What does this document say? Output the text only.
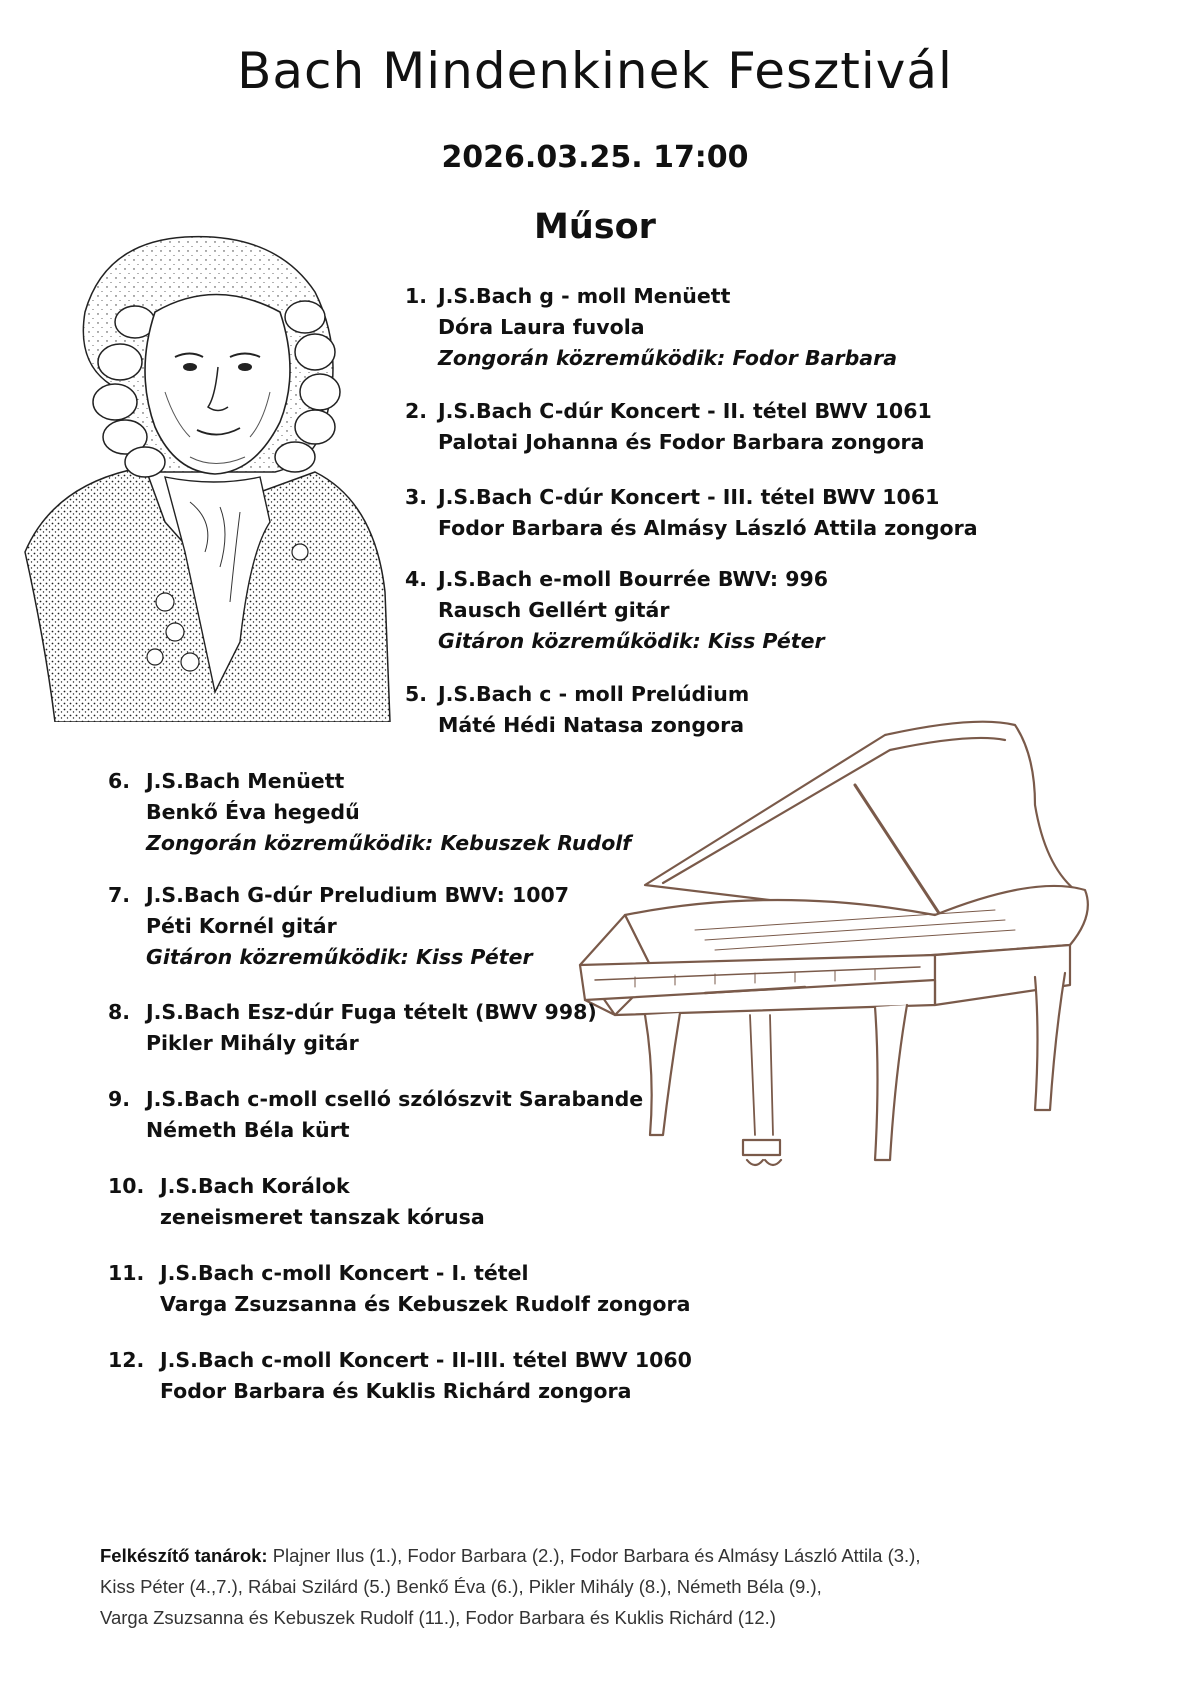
Bach Mindenkinek Fesztivál
2026.03.25. 17:00
Műsor
1. J.S.Bach g - moll Menüett
Dóra Laura fuvola
Zongorán közreműködik: Fodor Barbara
2. J.S.Bach C-dúr Koncert - II. tétel BWV 1061
Palotai Johanna és Fodor Barbara zongora
3. J.S.Bach C-dúr Koncert - III. tétel BWV 1061
Fodor Barbara és Almásy László Attila zongora
4. J.S.Bach e-moll Bourrée BWV: 996
Rausch Gellért gitár
Gitáron közreműködik: Kiss Péter
5. J.S.Bach c - moll Prelúdium
Máté Hédi Natasa zongora
6. J.S.Bach Menüett
Benkő Éva hegedű
Zongorán közreműködik: Kebuszek Rudolf
7. J.S.Bach G-dúr Preludium BWV: 1007
Péti Kornél gitár
Gitáron közreműködik: Kiss Péter
8. J.S.Bach Esz-dúr Fuga tételt (BWV 998)
Pikler Mihály gitár
9. J.S.Bach c-moll cselló szólószvit Sarabande
Németh Béla kürt
10. J.S.Bach Korálok
zeneismeret tanszak kórusa
11. J.S.Bach c-moll Koncert - I. tétel
Varga Zsuzsanna és Kebuszek Rudolf zongora
12. J.S.Bach c-moll Koncert - II-III. tétel BWV 1060
Fodor Barbara és Kuklis Richárd zongora
Felkészítő tanárok: Plajner Ilus (1.), Fodor Barbara (2.), Fodor Barbara és Almásy László Attila (3.),
Kiss Péter (4.,7.), Rábai Szilárd (5.) Benkő Éva (6.), Pikler Mihály (8.), Németh Béla (9.),
Varga Zsuzsanna és Kebuszek Rudolf (11.), Fodor Barbara és Kuklis Richárd (12.)
